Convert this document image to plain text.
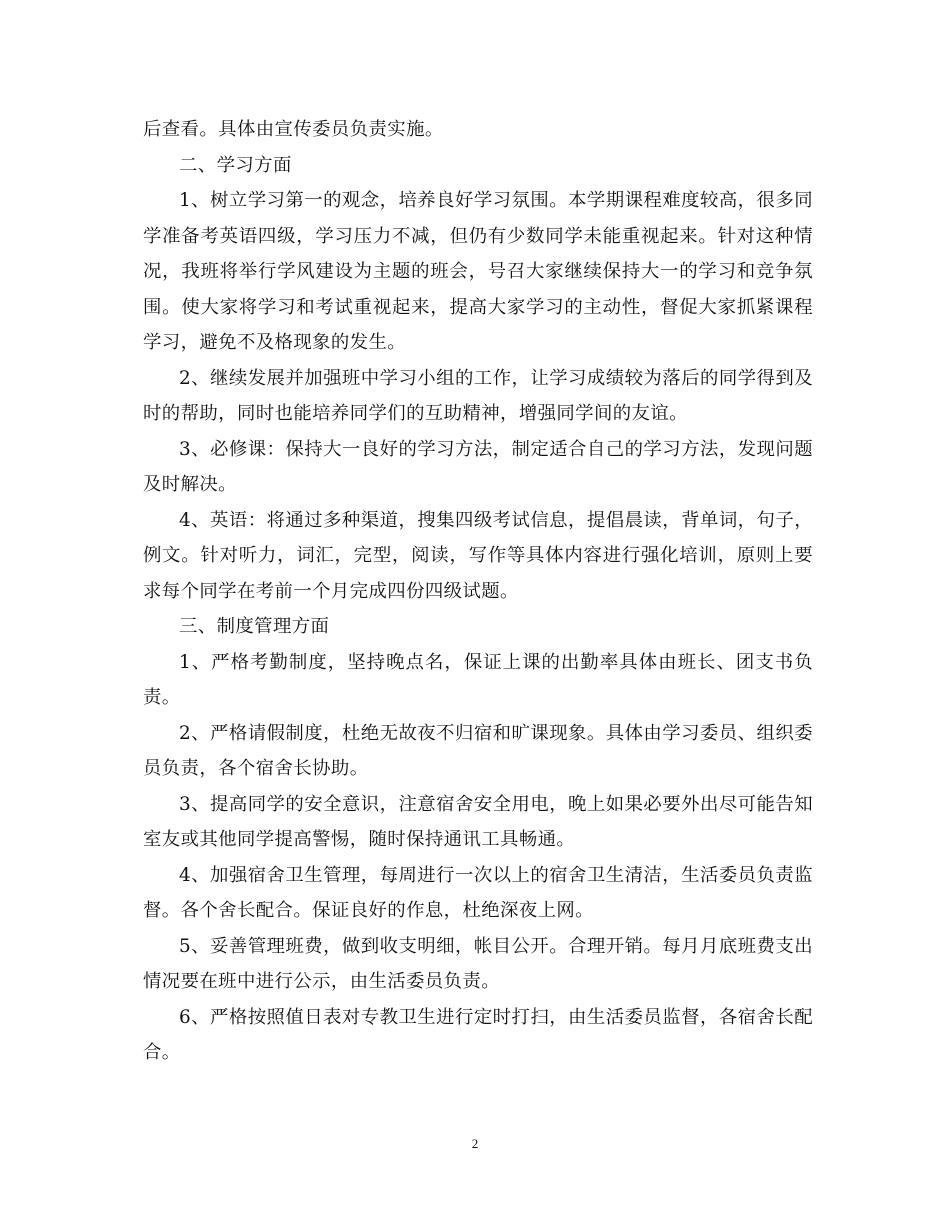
后查看。具体由宣传委员负责实施。

二、学习方面

1、树立学习第一的观念，培养良好学习氛围。本学期课程难度较高，很多同学准备考英语四级，学习压力不减，但仍有少数同学未能重视起来。针对这种情况，我班将举行学风建设为主题的班会，号召大家继续保持大一的学习和竞争氛围。使大家将学习和考试重视起来，提高大家学习的主动性，督促大家抓紧课程学习，避免不及格现象的发生。

2、继续发展并加强班中学习小组的工作，让学习成绩较为落后的同学得到及时的帮助，同时也能培养同学们的互助精神，增强同学间的友谊。

3、必修课：保持大一良好的学习方法，制定适合自己的学习方法，发现问题及时解决。

4、英语：将通过多种渠道，搜集四级考试信息，提倡晨读，背单词，句子，例文。针对听力，词汇，完型，阅读，写作等具体内容进行强化培训，原则上要求每个同学在考前一个月完成四份四级试题。

三、制度管理方面

1、严格考勤制度，坚持晚点名，保证上课的出勤率具体由班长、团支书负责。

2、严格请假制度，杜绝无故夜不归宿和旷课现象。具体由学习委员、组织委员负责，各个宿舍长协助。

3、提高同学的安全意识，注意宿舍安全用电，晚上如果必要外出尽可能告知室友或其他同学提高警惕，随时保持通讯工具畅通。

4、加强宿舍卫生管理，每周进行一次以上的宿舍卫生清洁，生活委员负责监督。各个舍长配合。保证良好的作息，杜绝深夜上网。

5、妥善管理班费，做到收支明细，帐目公开。合理开销。每月月底班费支出情况要在班中进行公示，由生活委员负责。

6、严格按照值日表对专教卫生进行定时打扫，由生活委员监督，各宿舍长配合。

2
